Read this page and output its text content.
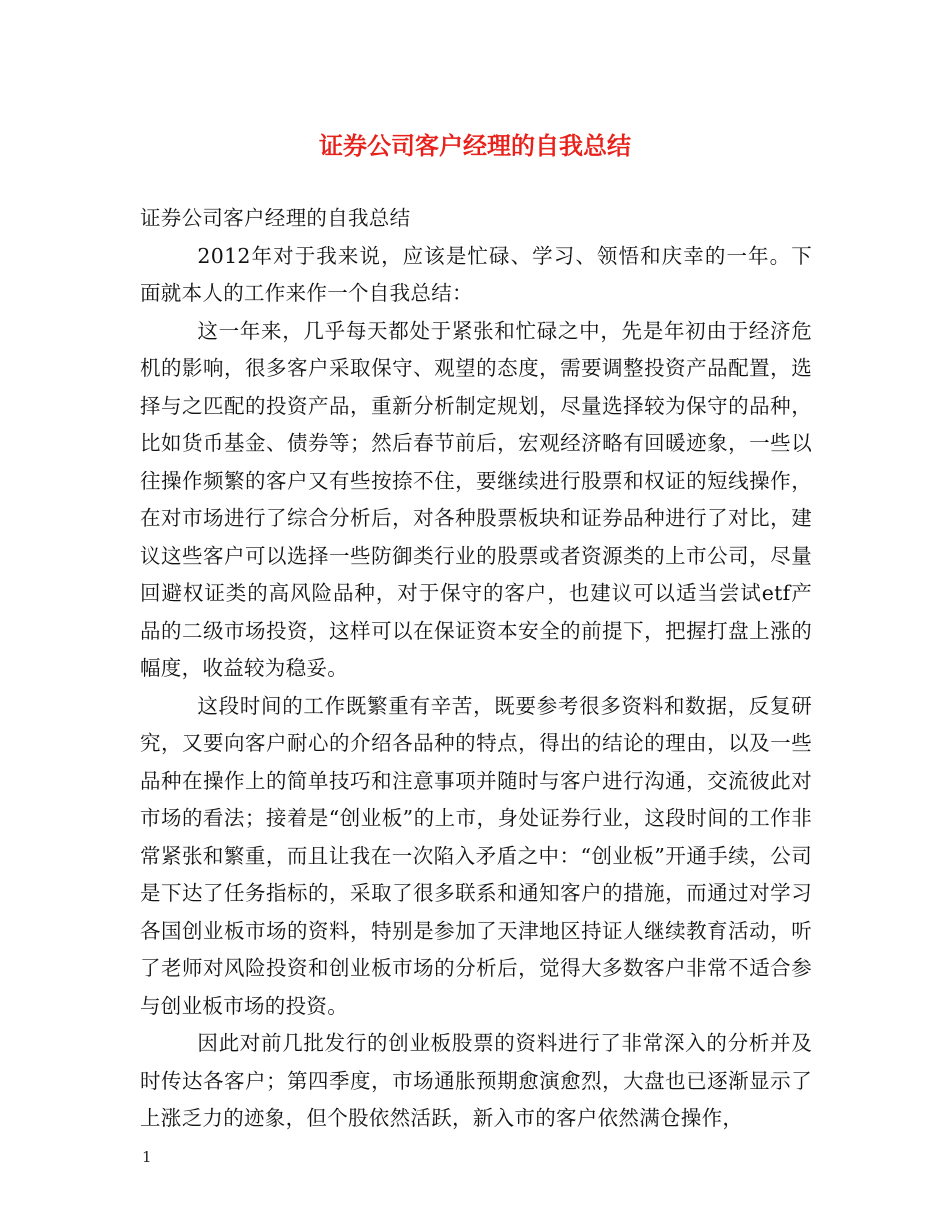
证券公司客户经理的自我总结

证券公司客户经理的自我总结

2012年对于我来说，应该是忙碌、学习、领悟和庆幸的一年。下面就本人的工作来作一个自我总结：

这一年来，几乎每天都处于紧张和忙碌之中，先是年初由于经济危机的影响，很多客户采取保守、观望的态度，需要调整投资产品配置，选择与之匹配的投资产品，重新分析制定规划，尽量选择较为保守的品种，比如货币基金、债券等；然后春节前后，宏观经济略有回暖迹象，一些以往操作频繁的客户又有些按捺不住，要继续进行股票和权证的短线操作，在对市场进行了综合分析后，对各种股票板块和证券品种进行了对比，建议这些客户可以选择一些防御类行业的股票或者资源类的上市公司，尽量回避权证类的高风险品种，对于保守的客户，也建议可以适当尝试etf产品的二级市场投资，这样可以在保证资本安全的前提下，把握打盘上涨的幅度，收益较为稳妥。

这段时间的工作既繁重有辛苦，既要参考很多资料和数据，反复研究，又要向客户耐心的介绍各品种的特点，得出的结论的理由，以及一些品种在操作上的简单技巧和注意事项并随时与客户进行沟通，交流彼此对市场的看法；接着是“创业板”的上市，身处证券行业，这段时间的工作非常紧张和繁重，而且让我在一次陷入矛盾之中：“创业板”开通手续，公司是下达了任务指标的，采取了很多联系和通知客户的措施，而通过对学习各国创业板市场的资料，特别是参加了天津地区持证人继续教育活动，听了老师对风险投资和创业板市场的分析后，觉得大多数客户非常不适合参与创业板市场的投资。

因此对前几批发行的创业板股票的资料进行了非常深入的分析并及时传达各客户；第四季度，市场通胀预期愈演愈烈，大盘也已逐渐显示了上涨乏力的迹象，但个股依然活跃，新入市的客户依然满仓操作，

1
